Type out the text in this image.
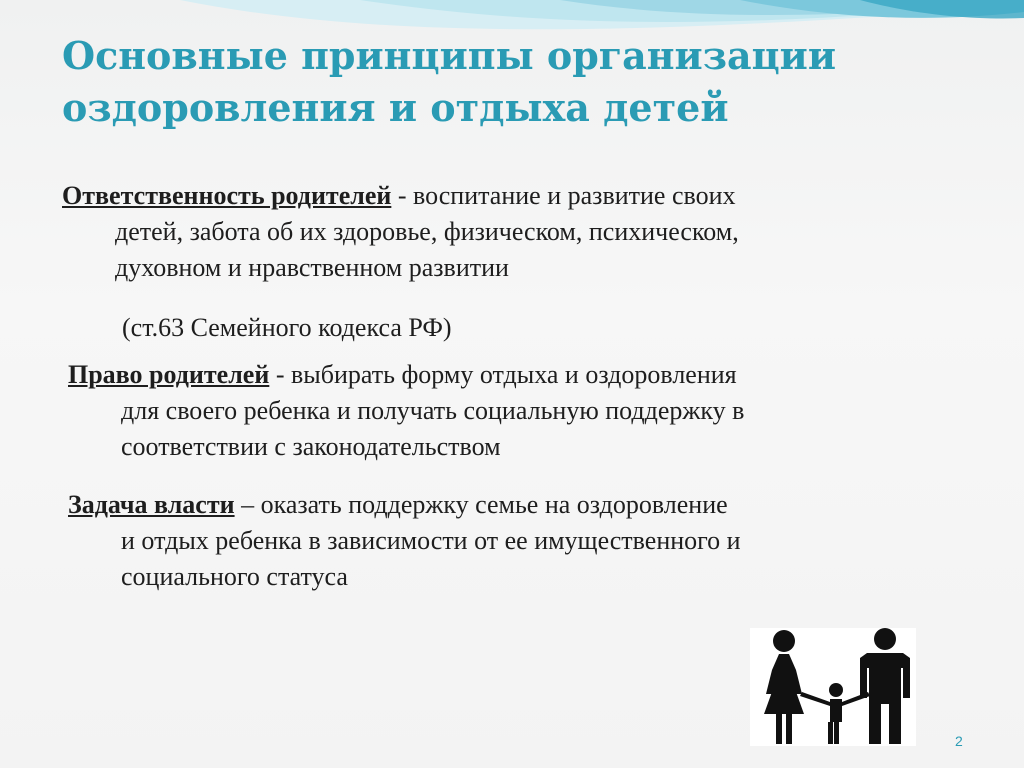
Основные принципы организации
оздоровления и отдыха детей

Ответственность родителей - воспитание и развитие своих
детей, забота об их здоровье, физическом, психическом,
духовном и нравственном развитии

(ст.63 Семейного кодекса РФ)

Право родителей - выбирать форму отдыха и оздоровления
для своего ребенка и получать социальную поддержку в
соответствии с законодательством

Задача власти – оказать поддержку семье на оздоровление
и отдых ребенка в зависимости от ее имущественного и
социального статуса

2
